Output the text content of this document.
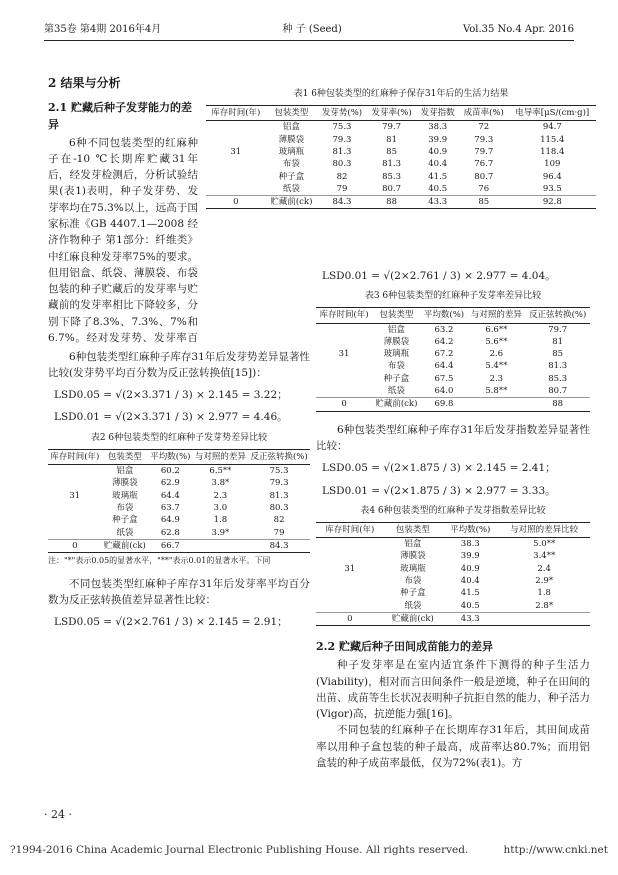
第35卷 第4期 2016年4月	种 子 (Seed)	Vol.35 No.4 Apr. 2016
表1 6种包装类型的红麻种子保存31年后的生活力结果
库存时间(年)	包装类型	发芽势(%)	发芽率(%)	发芽指数	成苗率(%)	电导率[μS/(cm·g)]
	铝盒	75.3	79.7	38.3	72	94.7
	薄膜袋	79.3	81	39.9	79.3	115.4
31	玻璃瓶	81.3	85	40.9	79.7	118.4
	布袋	80.3	81.3	40.4	76.7	109
	种子盒	82	85.3	41.5	80.7	96.4
	纸袋	79	80.7	40.5	76	93.5
0	贮藏前(ck)	84.3	88	43.3	85	92.8
2 结果与分析
2.1 贮藏后种子发芽能力的差异

6种不同包装类型的红麻种子在-10 ℃长期库贮藏31年后，经发芽检测后，分析试验结果(表1)表明，种子发芽势、发芽率均在75.3%以上，远高于国家标准《GB 4407.1—2008 经济作物种子 第1部分：纤维类》中红麻良种发芽率75%的要求。但用铝盒、纸袋、薄膜袋、布袋包装的种子贮藏后的发芽率与贮藏前的发芽率相比下降较多，分别下降了8.3%、7.3%、7%和6.7%。经对发芽势、发芽率百

6种包装类型红麻种子库存31年后发芽势差异显著性比较(发芽势平均百分数为反正弦转换值[15])：

LSD0.05 = √(2×3.371 / 3) × 2.145 = 3.22；
LSD0.01 = √(2×3.371 / 3) × 2.977 = 4.46。
表2 6种包装类型的红麻种子发芽势差异比较
库存时间(年)	包装类型	平均数(%)	与对照的差异	反正弦转换(%)
	铝盒	60.2	6.5**	75.3
	薄膜袋	62.9	3.8*	79.3
31	玻璃瓶	64.4	2.3	81.3
	布袋	63.7	3.0	80.3
	种子盒	64.9	1.8	82
	纸袋	62.8	3.9*	79
0	贮藏前(ck)	66.7		84.3
注："*"表示0.05的显著水平，"**"表示0.01的显著水平。下同

不同包装类型红麻种子库存31年后发芽率平均百分数为反正弦转换值差异显著性比较：

LSD0.05 = √(2×2.761 / 3) × 2.145 = 2.91；
LSD0.01 = √(2×2.761 / 3) × 2.977 = 4.04。
表3 6种包装类型的红麻种子发芽率差异比较
库存时间(年)	包装类型	平均数(%)	与对照的差异	反正弦转换(%)
	铝盒	63.2	6.6**	79.7
	薄膜袋	64.2	5.6**	81
31	玻璃瓶	67.2	2.6	85
	布袋	64.4	5.4**	81.3
	种子盒	67.5	2.3	85.3
	纸袋	64.0	5.8**	80.7
0	贮藏前(ck)	69.8		88

6种包装类型红麻种子库存31年后发芽指数差异显著性比较：

LSD0.05 = √(2×1.875 / 3) × 2.145 = 2.41；
LSD0.01 = √(2×1.875 / 3) × 2.977 = 3.33。
表4 6种包装类型的红麻种子发芽指数差异比较
库存时间(年)	包装类型	平均数(%)	与对照的差异比较
	铝盒	38.3	5.0**
	薄膜袋	39.9	3.4**
31	玻璃瓶	40.9	2.4
	布袋	40.4	2.9*
	种子盒	41.5	1.8
	纸袋	40.5	2.8*
0	贮藏前(ck)	43.3	
2.2 贮藏后种子田间成苗能力的差异

种子发芽率是在室内适宜条件下测得的种子生活力(Viability)，相对而言田间条件一般是逆境，种子在田间的出苗、成苗等生长状况表明种子抗拒自然的能力，种子活力(Vigor)高，抗逆能力强[16]。

不同包装的红麻种子在长期库存31年后，其田间成苗率以用种子盒包装的种子最高，成苗率达80.7%；而用铝盒装的种子成苗率最低，仅为72%(表1)。方

· 24 ·
?1994-2016 China Academic Journal Electronic Publishing House. All rights reserved.	http://www.cnki.net
